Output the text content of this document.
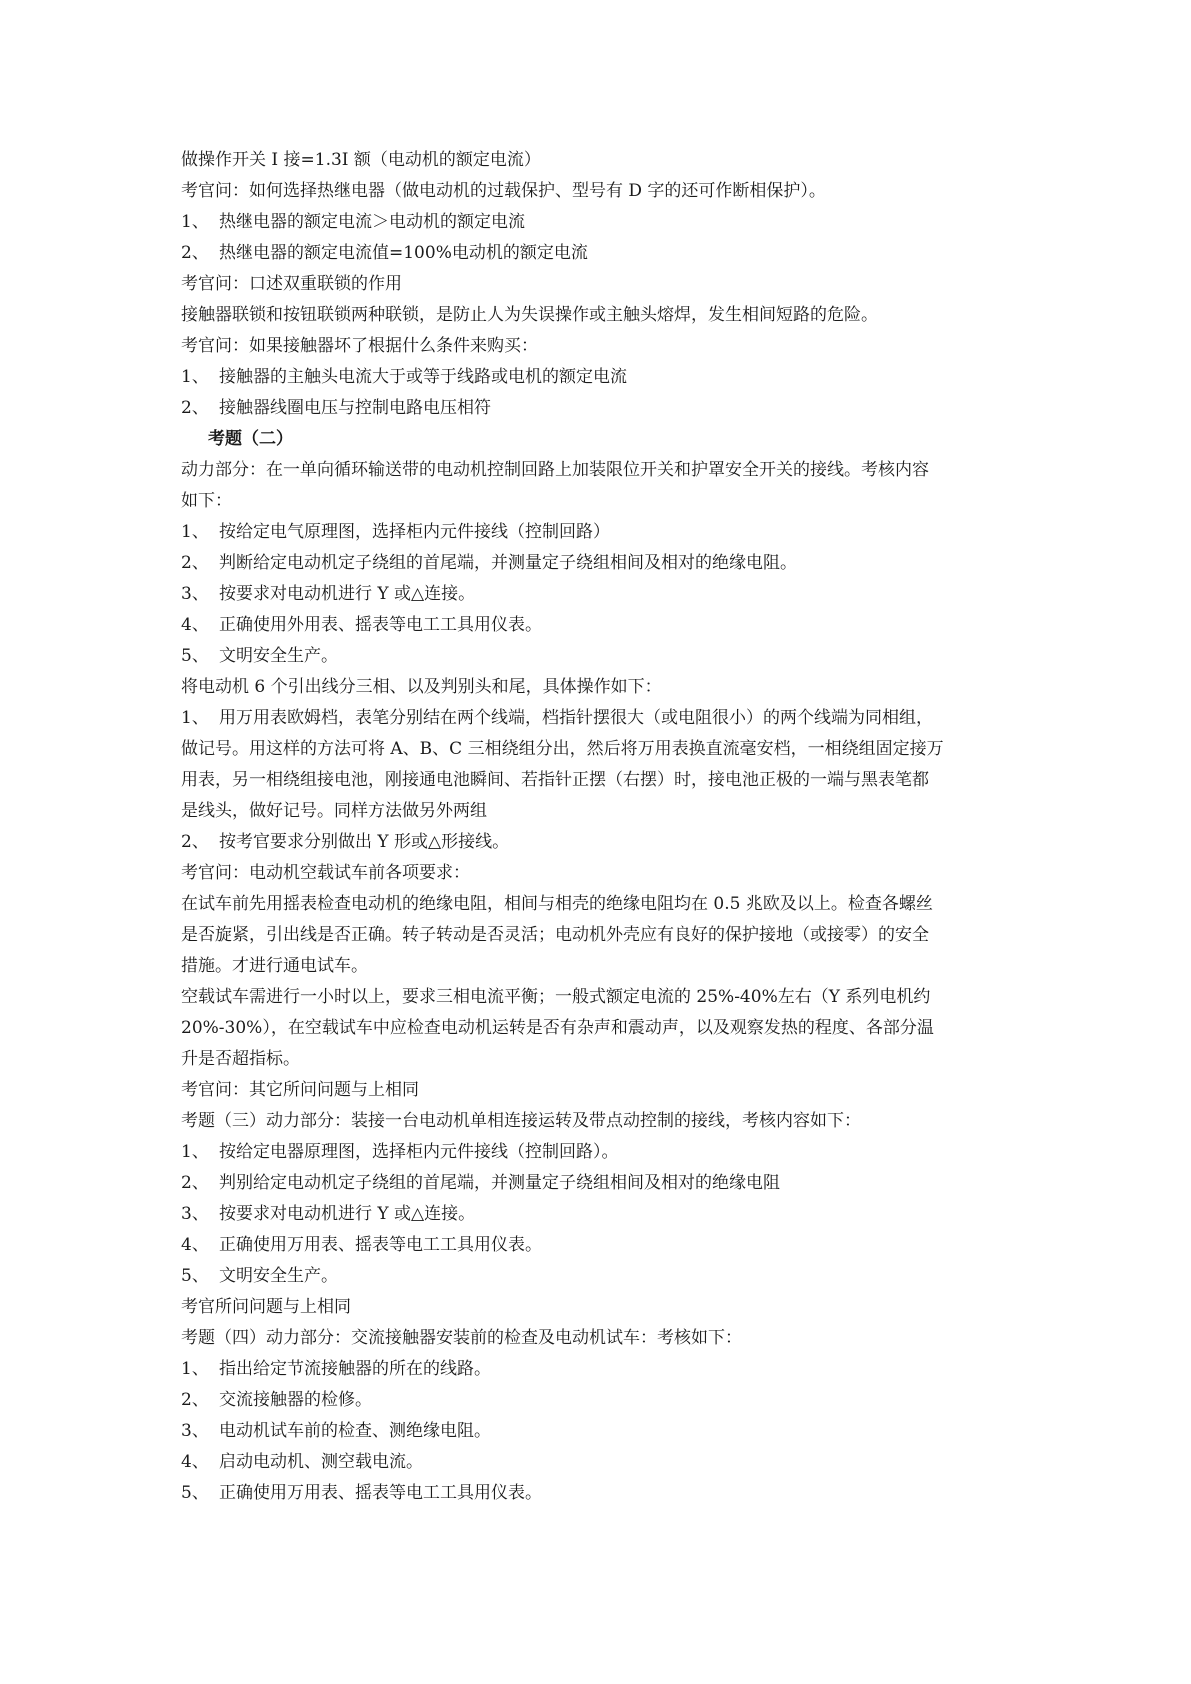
做操作开关 I 接=1.3I 额（电动机的额定电流）
考官问：如何选择热继电器（做电动机的过载保护、型号有 D 字的还可作断相保护）。
1、 热继电器的额定电流＞电动机的额定电流
2、 热继电器的额定电流值=100%电动机的额定电流
考官问：口述双重联锁的作用
接触器联锁和按钮联锁两种联锁，是防止人为失误操作或主触头熔焊，发生相间短路的危险。
考官问：如果接触器坏了根据什么条件来购买：
1、 接触器的主触头电流大于或等于线路或电机的额定电流
2、 接触器线圈电压与控制电路电压相符
考题（二）
动力部分：在一单向循环输送带的电动机控制回路上加装限位开关和护罩安全开关的接线。考核内容
如下：
1、 按给定电气原理图，选择柜内元件接线（控制回路）
2、 判断给定电动机定子绕组的首尾端，并测量定子绕组相间及相对的绝缘电阻。
3、 按要求对电动机进行 Y 或△连接。
4、 正确使用外用表、摇表等电工工具用仪表。
5、 文明安全生产。
将电动机 6 个引出线分三相、以及判别头和尾，具体操作如下：
1、 用万用表欧姆档，表笔分别结在两个线端，档指针摆很大（或电阻很小）的两个线端为同相组，
做记号。用这样的方法可将 A、B、C 三相绕组分出，然后将万用表换直流毫安档，一相绕组固定接万
用表，另一相绕组接电池，刚接通电池瞬间、若指针正摆（右摆）时，接电池正极的一端与黑表笔都
是线头，做好记号。同样方法做另外两组
2、 按考官要求分别做出 Y 形或△形接线。
考官问：电动机空载试车前各项要求：
在试车前先用摇表检查电动机的绝缘电阻，相间与相壳的绝缘电阻均在 0.5 兆欧及以上。检查各螺丝
是否旋紧，引出线是否正确。转子转动是否灵活；电动机外壳应有良好的保护接地（或接零）的安全
措施。才进行通电试车。
空载试车需进行一小时以上，要求三相电流平衡；一般式额定电流的 25%-40%左右（Y 系列电机约
20%-30%），在空载试车中应检查电动机运转是否有杂声和震动声，以及观察发热的程度、各部分温
升是否超指标。
考官问：其它所问问题与上相同
考题（三）动力部分：装接一台电动机单相连接运转及带点动控制的接线，考核内容如下：
1、 按给定电器原理图，选择柜内元件接线（控制回路）。
2、 判别给定电动机定子绕组的首尾端，并测量定子绕组相间及相对的绝缘电阻
3、 按要求对电动机进行 Y 或△连接。
4、 正确使用万用表、摇表等电工工具用仪表。
5、 文明安全生产。
考官所问问题与上相同
考题（四）动力部分：交流接触器安装前的检查及电动机试车：考核如下：
1、 指出给定节流接触器的所在的线路。
2、 交流接触器的检修。
3、 电动机试车前的检查、测绝缘电阻。
4、 启动电动机、测空载电流。
5、 正确使用万用表、摇表等电工工具用仪表。
